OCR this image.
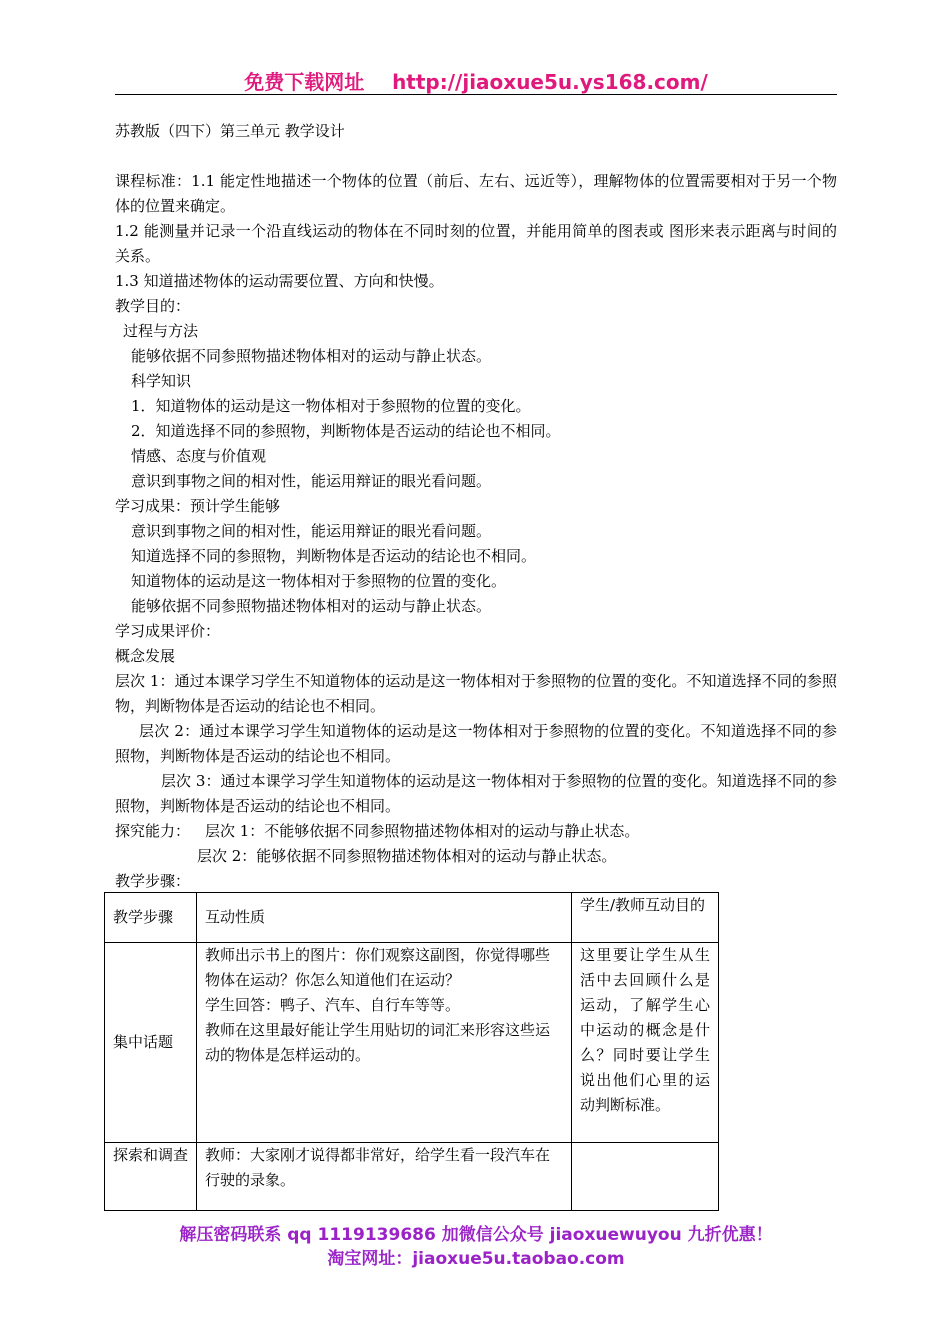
免费下载网址 http://jiaoxue5u.ys168.com/

苏教版（四下）第三单元 教学设计

课程标准：1.1 能定性地描述一个物体的位置（前后、左右、远近等），理解物体的位置需要相对于另一个物体的位置来确定。

1.2 能测量并记录一个沿直线运动的物体在不同时刻的位置，并能用简单的图表或 图形来表示距离与时间的关系。

1.3 知道描述物体的运动需要位置、方向和快慢。

教学目的：

过程与方法

能够依据不同参照物描述物体相对的运动与静止状态。

科学知识

1．知道物体的运动是这一物体相对于参照物的位置的变化。

2．知道选择不同的参照物，判断物体是否运动的结论也不相同。

情感、态度与价值观

意识到事物之间的相对性，能运用辩证的眼光看问题。

学习成果：预计学生能够

意识到事物之间的相对性，能运用辩证的眼光看问题。

知道选择不同的参照物，判断物体是否运动的结论也不相同。

知道物体的运动是这一物体相对于参照物的位置的变化。

能够依据不同参照物描述物体相对的运动与静止状态。

学习成果评价：

概念发展

层次 1：通过本课学习学生不知道物体的运动是这一物体相对于参照物的位置的变化。不知道选择不同的参照物，判断物体是否运动的结论也不相同。

层次 2：通过本课学习学生知道物体的运动是这一物体相对于参照物的位置的变化。不知道选择不同的参照物，判断物体是否运动的结论也不相同。

层次 3：通过本课学习学生知道物体的运动是这一物体相对于参照物的位置的变化。知道选择不同的参照物，判断物体是否运动的结论也不相同。

探究能力： 层次 1：不能够依据不同参照物描述物体相对的运动与静止状态。

层次 2：能够依据不同参照物描述物体相对的运动与静止状态。

教学步骤：

教学步骤	互动性质	学生/教师互动目的
集中话题	教师出示书上的图片：你们观察这副图，你觉得哪些物体在运动？你怎么知道他们在运动？
学生回答：鸭子、汽车、自行车等等。
教师在这里最好能让学生用贴切的词汇来形容这些运动的物体是怎样运动的。	这里要让学生从生活中去回顾什么是运动，了解学生心中运动的概念是什么？同时要让学生说出他们心里的运动判断标准。
探索和调查	教师：大家刚才说得都非常好，给学生看一段汽车在行驶的录象。	
解压密码联系 qq 1119139686 加微信公众号 jiaoxuewuyou 九折优惠！
淘宝网址：jiaoxue5u.taobao.com
